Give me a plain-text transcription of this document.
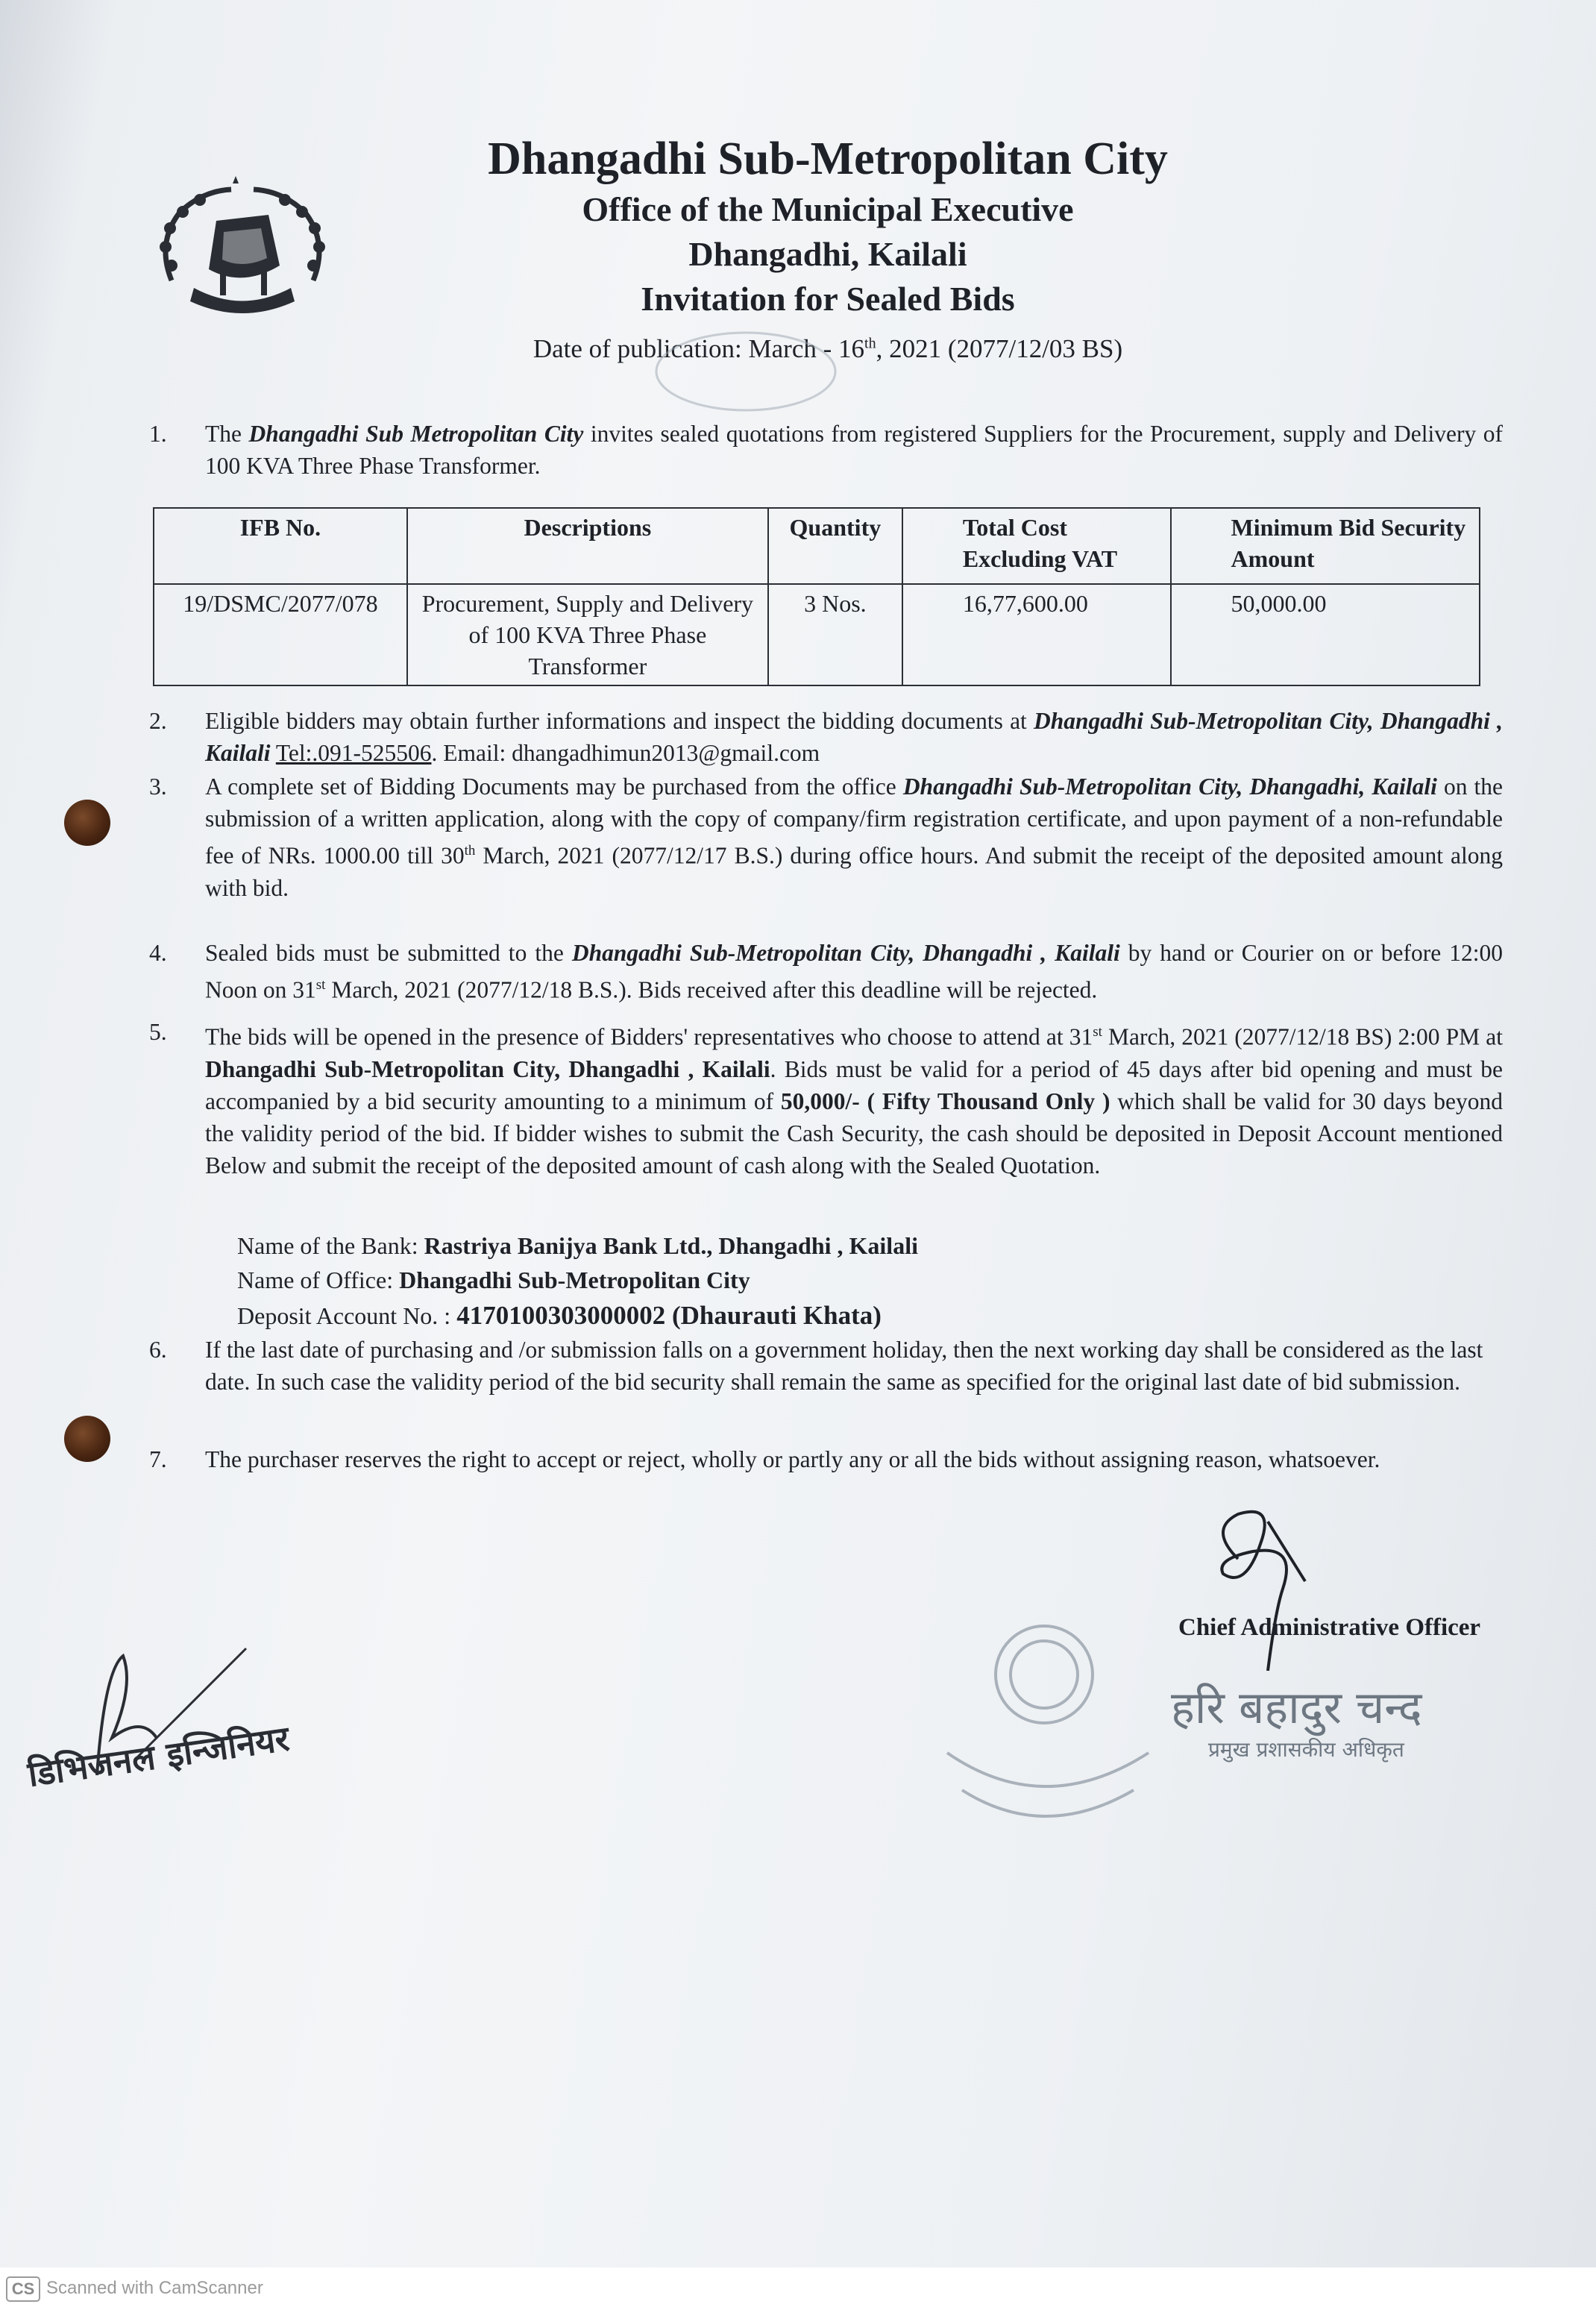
Dhangadhi Sub-Metropolitan City
Office of the Municipal Executive
Dhangadhi, Kailali
Invitation for Sealed Bids
Date of publication: March - 16th, 2021 (2077/12/03 BS)
1. The Dhangadhi Sub Metropolitan City invites sealed quotations from registered Suppliers for the Procurement, supply and Delivery of 100 KVA Three Phase Transformer.
IFB No.	Descriptions	Quantity	Total Cost Excluding VAT	Minimum Bid Security Amount
19/DSMC/2077/078	Procurement, Supply and Delivery of 100 KVA Three Phase Transformer	3 Nos.	16,77,600.00	50,000.00
2. Eligible bidders may obtain further informations and inspect the bidding documents at Dhangadhi Sub-Metropolitan City, Dhangadhi , Kailali Tel:.091-525506. Email: dhangadhimun2013@gmail.com
3. A complete set of Bidding Documents may be purchased from the office Dhangadhi Sub-Metropolitan City, Dhangadhi, Kailali on the submission of a written application, along with the copy of company/firm registration certificate, and upon payment of a non-refundable fee of NRs. 1000.00 till 30th March, 2021 (2077/12/17 B.S.) during office hours. And submit the receipt of the deposited amount along with bid.
4. Sealed bids must be submitted to the Dhangadhi Sub-Metropolitan City, Dhangadhi , Kailali by hand or Courier on or before 12:00 Noon on 31st March, 2021 (2077/12/18 B.S.). Bids received after this deadline will be rejected.
5. The bids will be opened in the presence of Bidders' representatives who choose to attend at 31st March, 2021 (2077/12/18 BS) 2:00 PM at Dhangadhi Sub-Metropolitan City, Dhangadhi , Kailali. Bids must be valid for a period of 45 days after bid opening and must be accompanied by a bid security amounting to a minimum of 50,000/- ( Fifty Thousand Only ) which shall be valid for 30 days beyond the validity period of the bid. If bidder wishes to submit the Cash Security, the cash should be deposited in Deposit Account mentioned Below and submit the receipt of the deposited amount of cash along with the Sealed Quotation.
Name of the Bank: Rastriya Banijya Bank Ltd., Dhangadhi , Kailali
Name of Office: Dhangadhi Sub-Metropolitan City
Deposit Account No. : 4170100303000002 (Dhaurauti Khata)
6. If the last date of purchasing and /or submission falls on a government holiday, then the next working day shall be considered as the last date. In such case the validity period of the bid security shall remain the same as specified for the original last date of bid submission.
7. The purchaser reserves the right to accept or reject, wholly or partly any or all the bids without assigning reason, whatsoever.
Chief Administrative Officer
हरि बहादुर चन्द
प्रमुख प्रशासकीय अधिकृत
डिभिजनल इन्जिनियर
CS Scanned with CamScanner
